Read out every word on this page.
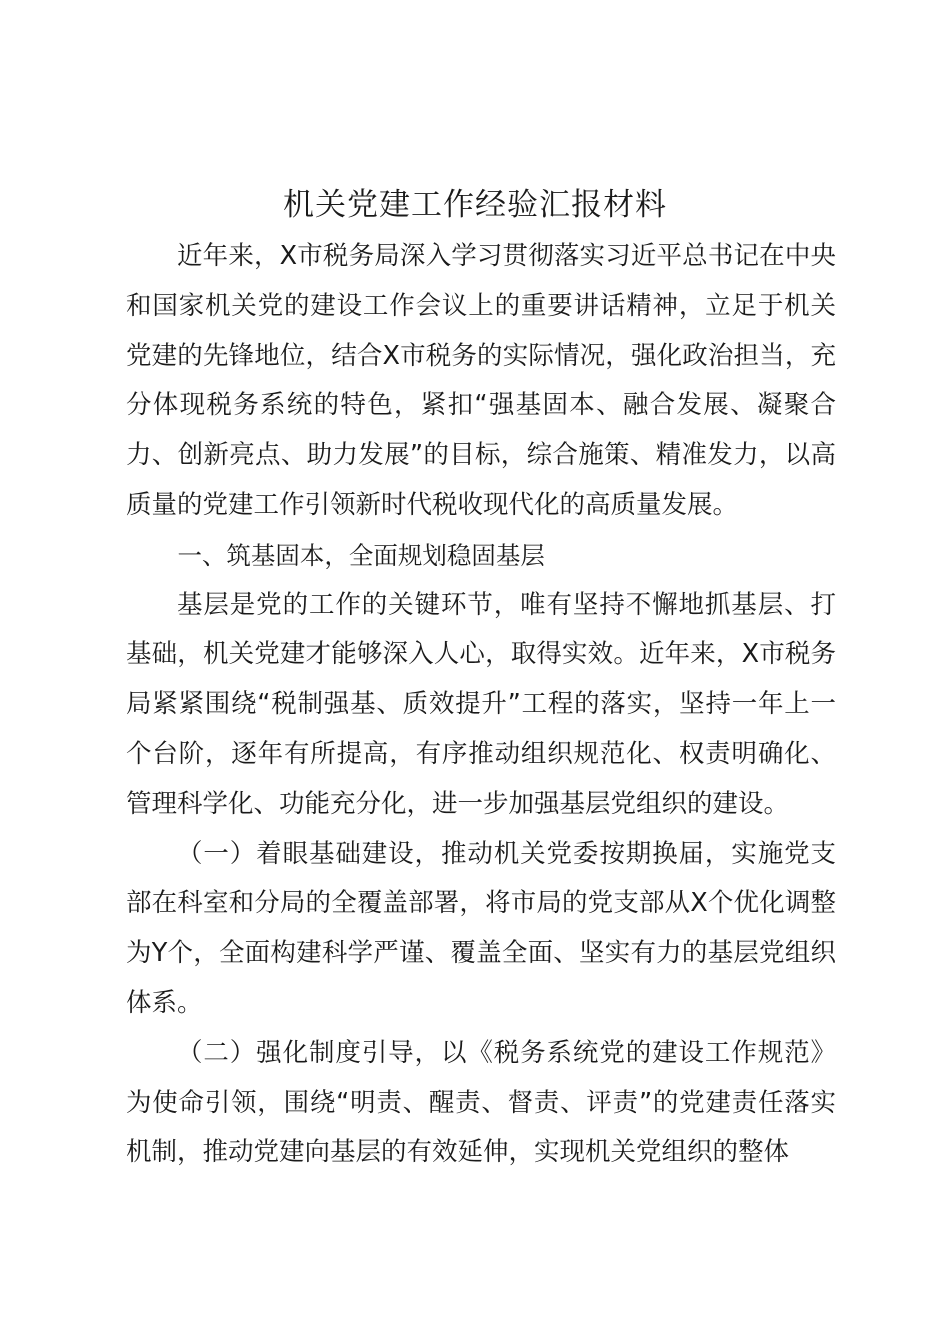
机关党建工作经验汇报材料

近年来，X市税务局深入学习贯彻落实习近平总书记在中央和国家机关党的建设工作会议上的重要讲话精神，立足于机关党建的先锋地位，结合X市税务的实际情况，强化政治担当，充分体现税务系统的特色，紧扣“强基固本、融合发展、凝聚合力、创新亮点、助力发展”的目标，综合施策、精准发力，以高质量的党建工作引领新时代税收现代化的高质量发展。

一、筑基固本，全面规划稳固基层

基层是党的工作的关键环节，唯有坚持不懈地抓基层、打基础，机关党建才能够深入人心，取得实效。近年来，X市税务局紧紧围绕“税制强基、质效提升”工程的落实，坚持一年上一个台阶，逐年有所提高，有序推动组织规范化、权责明确化、管理科学化、功能充分化，进一步加强基层党组织的建设。

（一）着眼基础建设，推动机关党委按期换届，实施党支部在科室和分局的全覆盖部署，将市局的党支部从X个优化调整为Y个，全面构建科学严谨、覆盖全面、坚实有力的基层党组织体系。

（二）强化制度引导，以《税务系统党的建设工作规范》为使命引领，围绕“明责、醒责、督责、评责”的党建责任落实机制，推动党建向基层的有效延伸，实现机关党组织的整体
